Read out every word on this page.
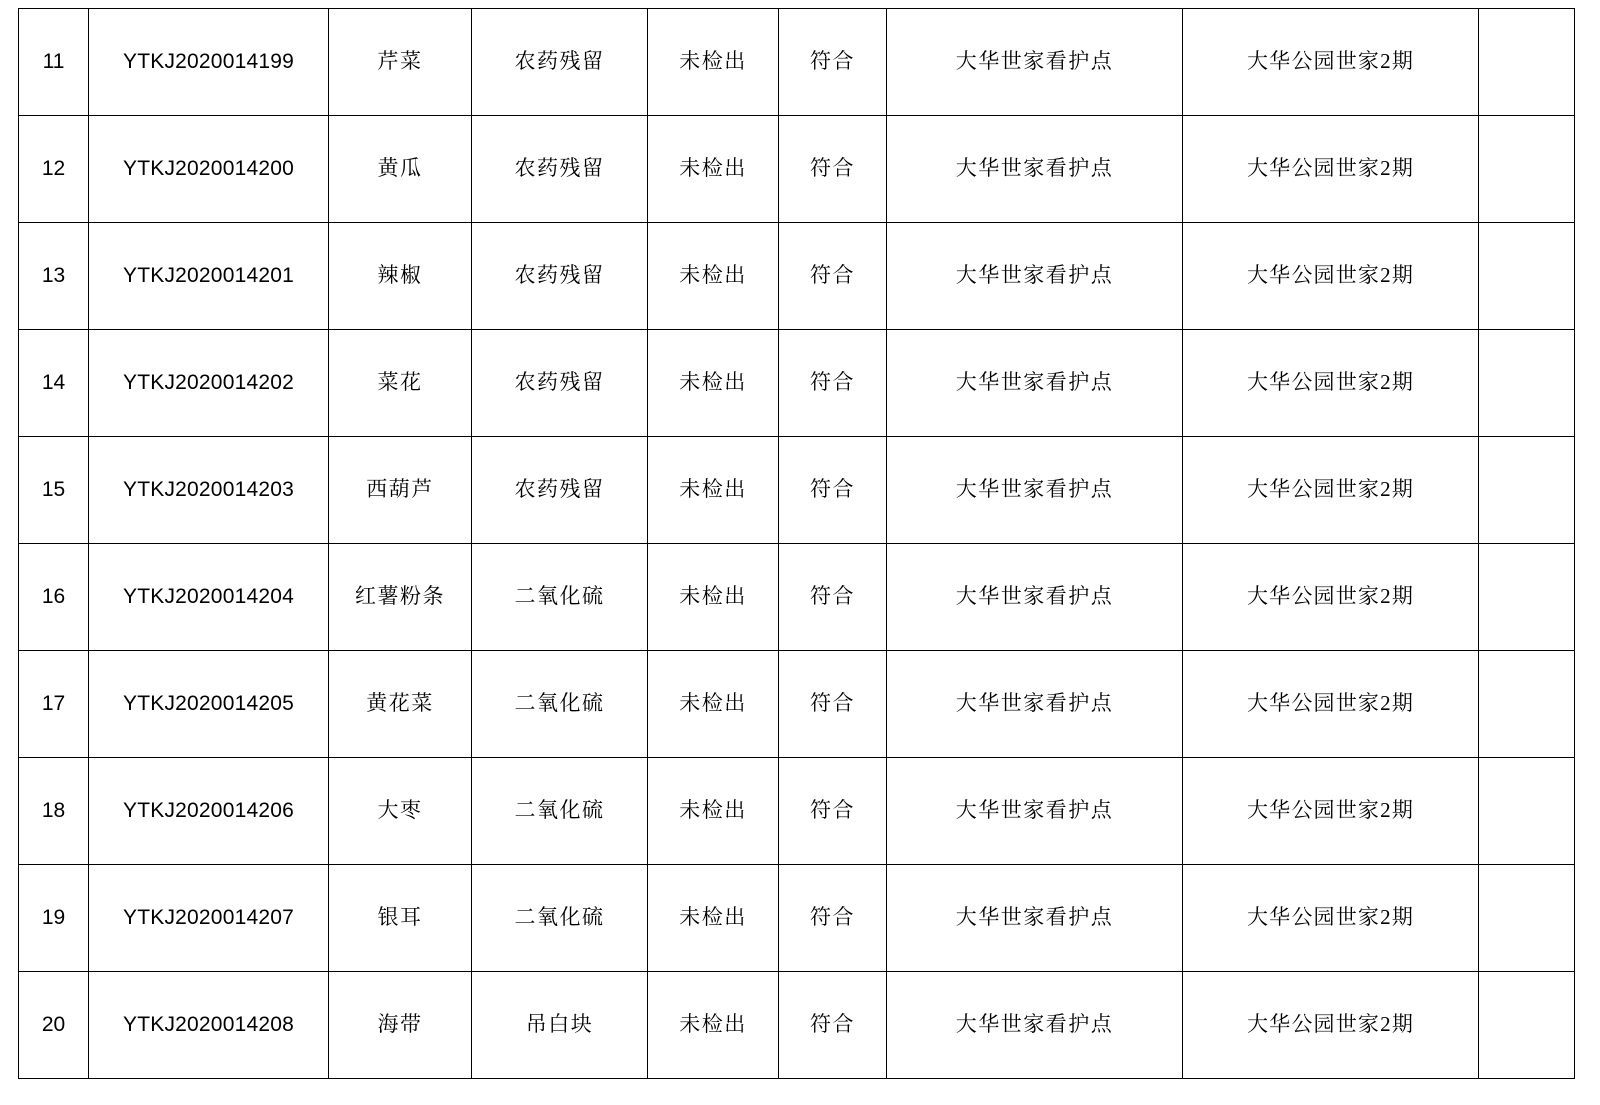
11	YTKJ2020014199	芹菜	农药残留	未检出	符合	大华世家看护点	大华公园世家2期	
12	YTKJ2020014200	黄瓜	农药残留	未检出	符合	大华世家看护点	大华公园世家2期	
13	YTKJ2020014201	辣椒	农药残留	未检出	符合	大华世家看护点	大华公园世家2期	
14	YTKJ2020014202	菜花	农药残留	未检出	符合	大华世家看护点	大华公园世家2期	
15	YTKJ2020014203	西葫芦	农药残留	未检出	符合	大华世家看护点	大华公园世家2期	
16	YTKJ2020014204	红薯粉条	二氧化硫	未检出	符合	大华世家看护点	大华公园世家2期	
17	YTKJ2020014205	黄花菜	二氧化硫	未检出	符合	大华世家看护点	大华公园世家2期	
18	YTKJ2020014206	大枣	二氧化硫	未检出	符合	大华世家看护点	大华公园世家2期	
19	YTKJ2020014207	银耳	二氧化硫	未检出	符合	大华世家看护点	大华公园世家2期	
20	YTKJ2020014208	海带	吊白块	未检出	符合	大华世家看护点	大华公园世家2期	
